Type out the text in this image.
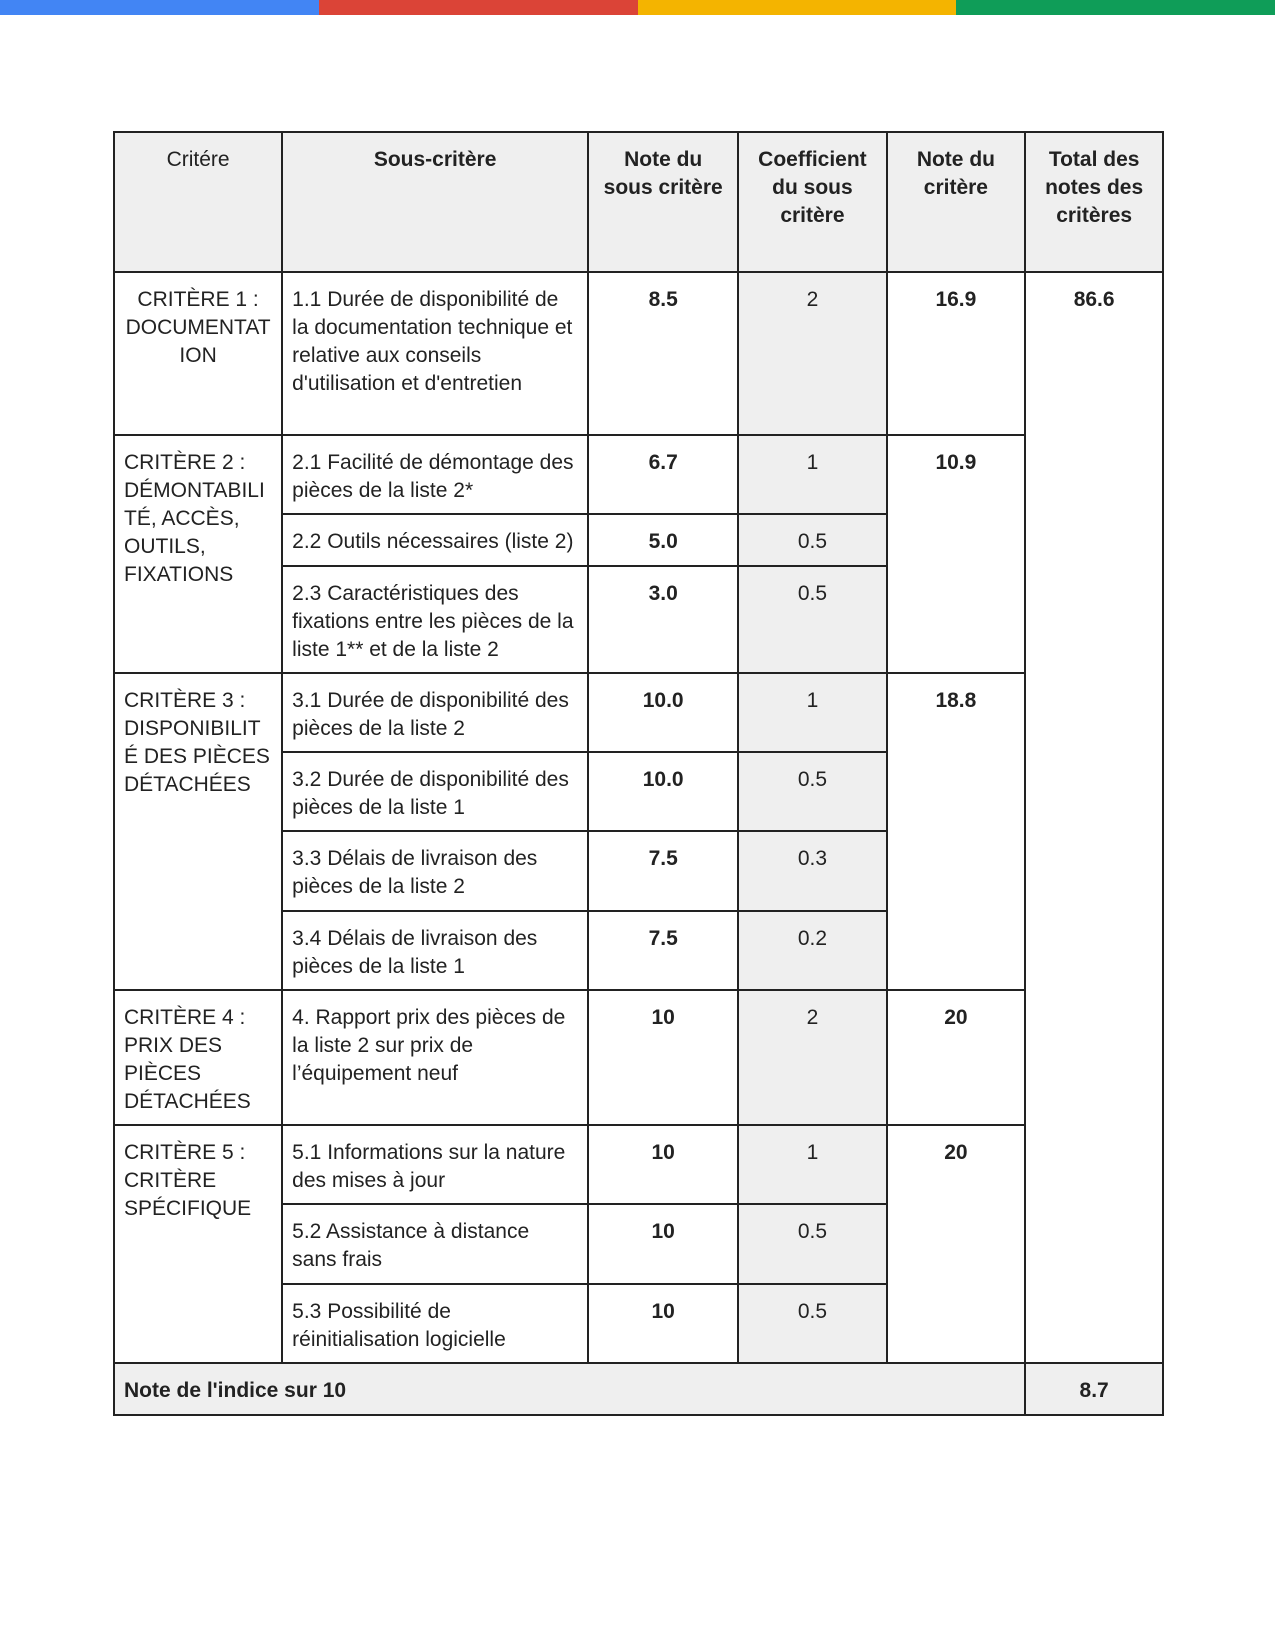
Critére	Sous-critère	Note du sous critère	Coefficient du sous critère	Note du critère	Total des notes des critères
CRITÈRE 1 : DOCUMENTATION	1.1 Durée de disponibilité de la documentation technique et relative aux conseils d'utilisation et d'entretien	8.5	2	16.9	86.6
CRITÈRE 2 : DÉMONTABILITÉ, ACCÈS, OUTILS, FIXATIONS	2.1 Facilité de démontage des pièces de la liste 2*	6.7	1	10.9	
	2.2 Outils nécessaires (liste 2)	5.0	0.5		
	2.3 Caractéristiques des fixations entre les pièces de la liste 1** et de la liste 2	3.0	0.5		
CRITÈRE 3 : DISPONIBILITÉ DES PIÈCES DÉTACHÉES	3.1 Durée de disponibilité des pièces de la liste 2	10.0	1	18.8	
	3.2 Durée de disponibilité des pièces de la liste 1	10.0	0.5		
	3.3 Délais de livraison des pièces de la liste 2	7.5	0.3		
	3.4 Délais de livraison des pièces de la liste 1	7.5	0.2		
CRITÈRE 4 : PRIX DES PIÈCES DÉTACHÉES	4. Rapport prix des pièces de la liste 2 sur prix de l’équipement neuf	10	2	20	
CRITÈRE 5 : CRITÈRE SPÉCIFIQUE	5.1 Informations sur la nature des mises à jour	10	1	20	
	5.2 Assistance à distance sans frais	10	0.5		
	5.3 Possibilité de réinitialisation logicielle	10	0.5		
Note de l'indice sur 10					8.7
